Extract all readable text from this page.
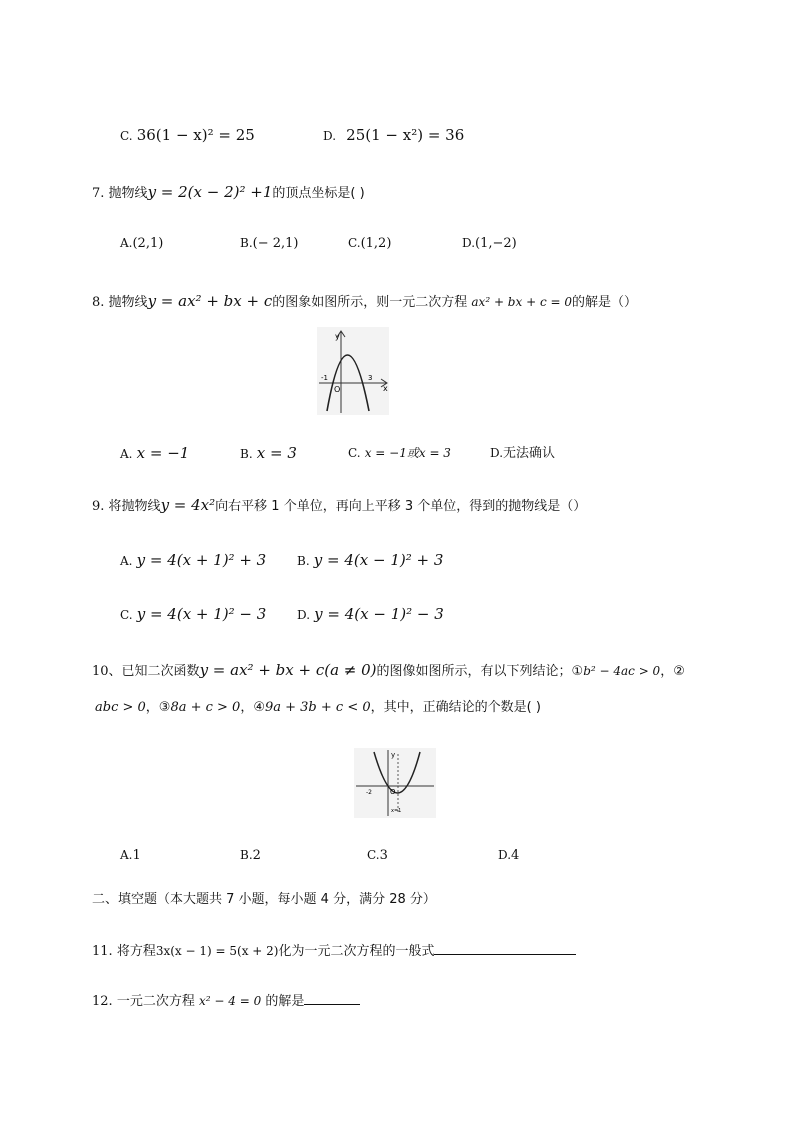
C. 36(1 − x)² = 25	D. 25(1 − x²) = 36
7. 抛物线y = 2(x − 2)² +1的顶点坐标是( )
A.(2,1)	B.(− 2,1)	C.(1,2)	D.(1,−2)
8. 抛物线y = ax² + bx + c的图象如图所示，则一元二次方程 ax² + bx + c = 0的解是（）
y
x
O
-1	3
A. x = −1	B. x = 3	C. x = −1或x = 3	D.无法确认
9. 将抛物线y = 4x²向右平移 1 个单位，再向上平移 3 个单位，得到的抛物线是（）
A. y = 4(x + 1)² + 3	B. y = 4(x − 1)² + 3
C. y = 4(x + 1)² − 3	D. y = 4(x − 1)² − 3
10、已知二次函数y = ax² + bx + c(a ≠ 0)的图像如图所示，有以下列结论；①b² − 4ac > 0，②
abc > 0，③8a + c > 0，④9a + 3b + c < 0，其中，正确结论的个数是( )
y
O
-2
x=1
A.1	B.2	C.3	D.4
二、填空题（本大题共 7 小题，每小题 4 分，满分 28 分）
11. 将方程3x(x − 1) = 5(x + 2)化为一元二次方程的一般式
12. 一元二次方程 x² − 4 = 0 的解是
